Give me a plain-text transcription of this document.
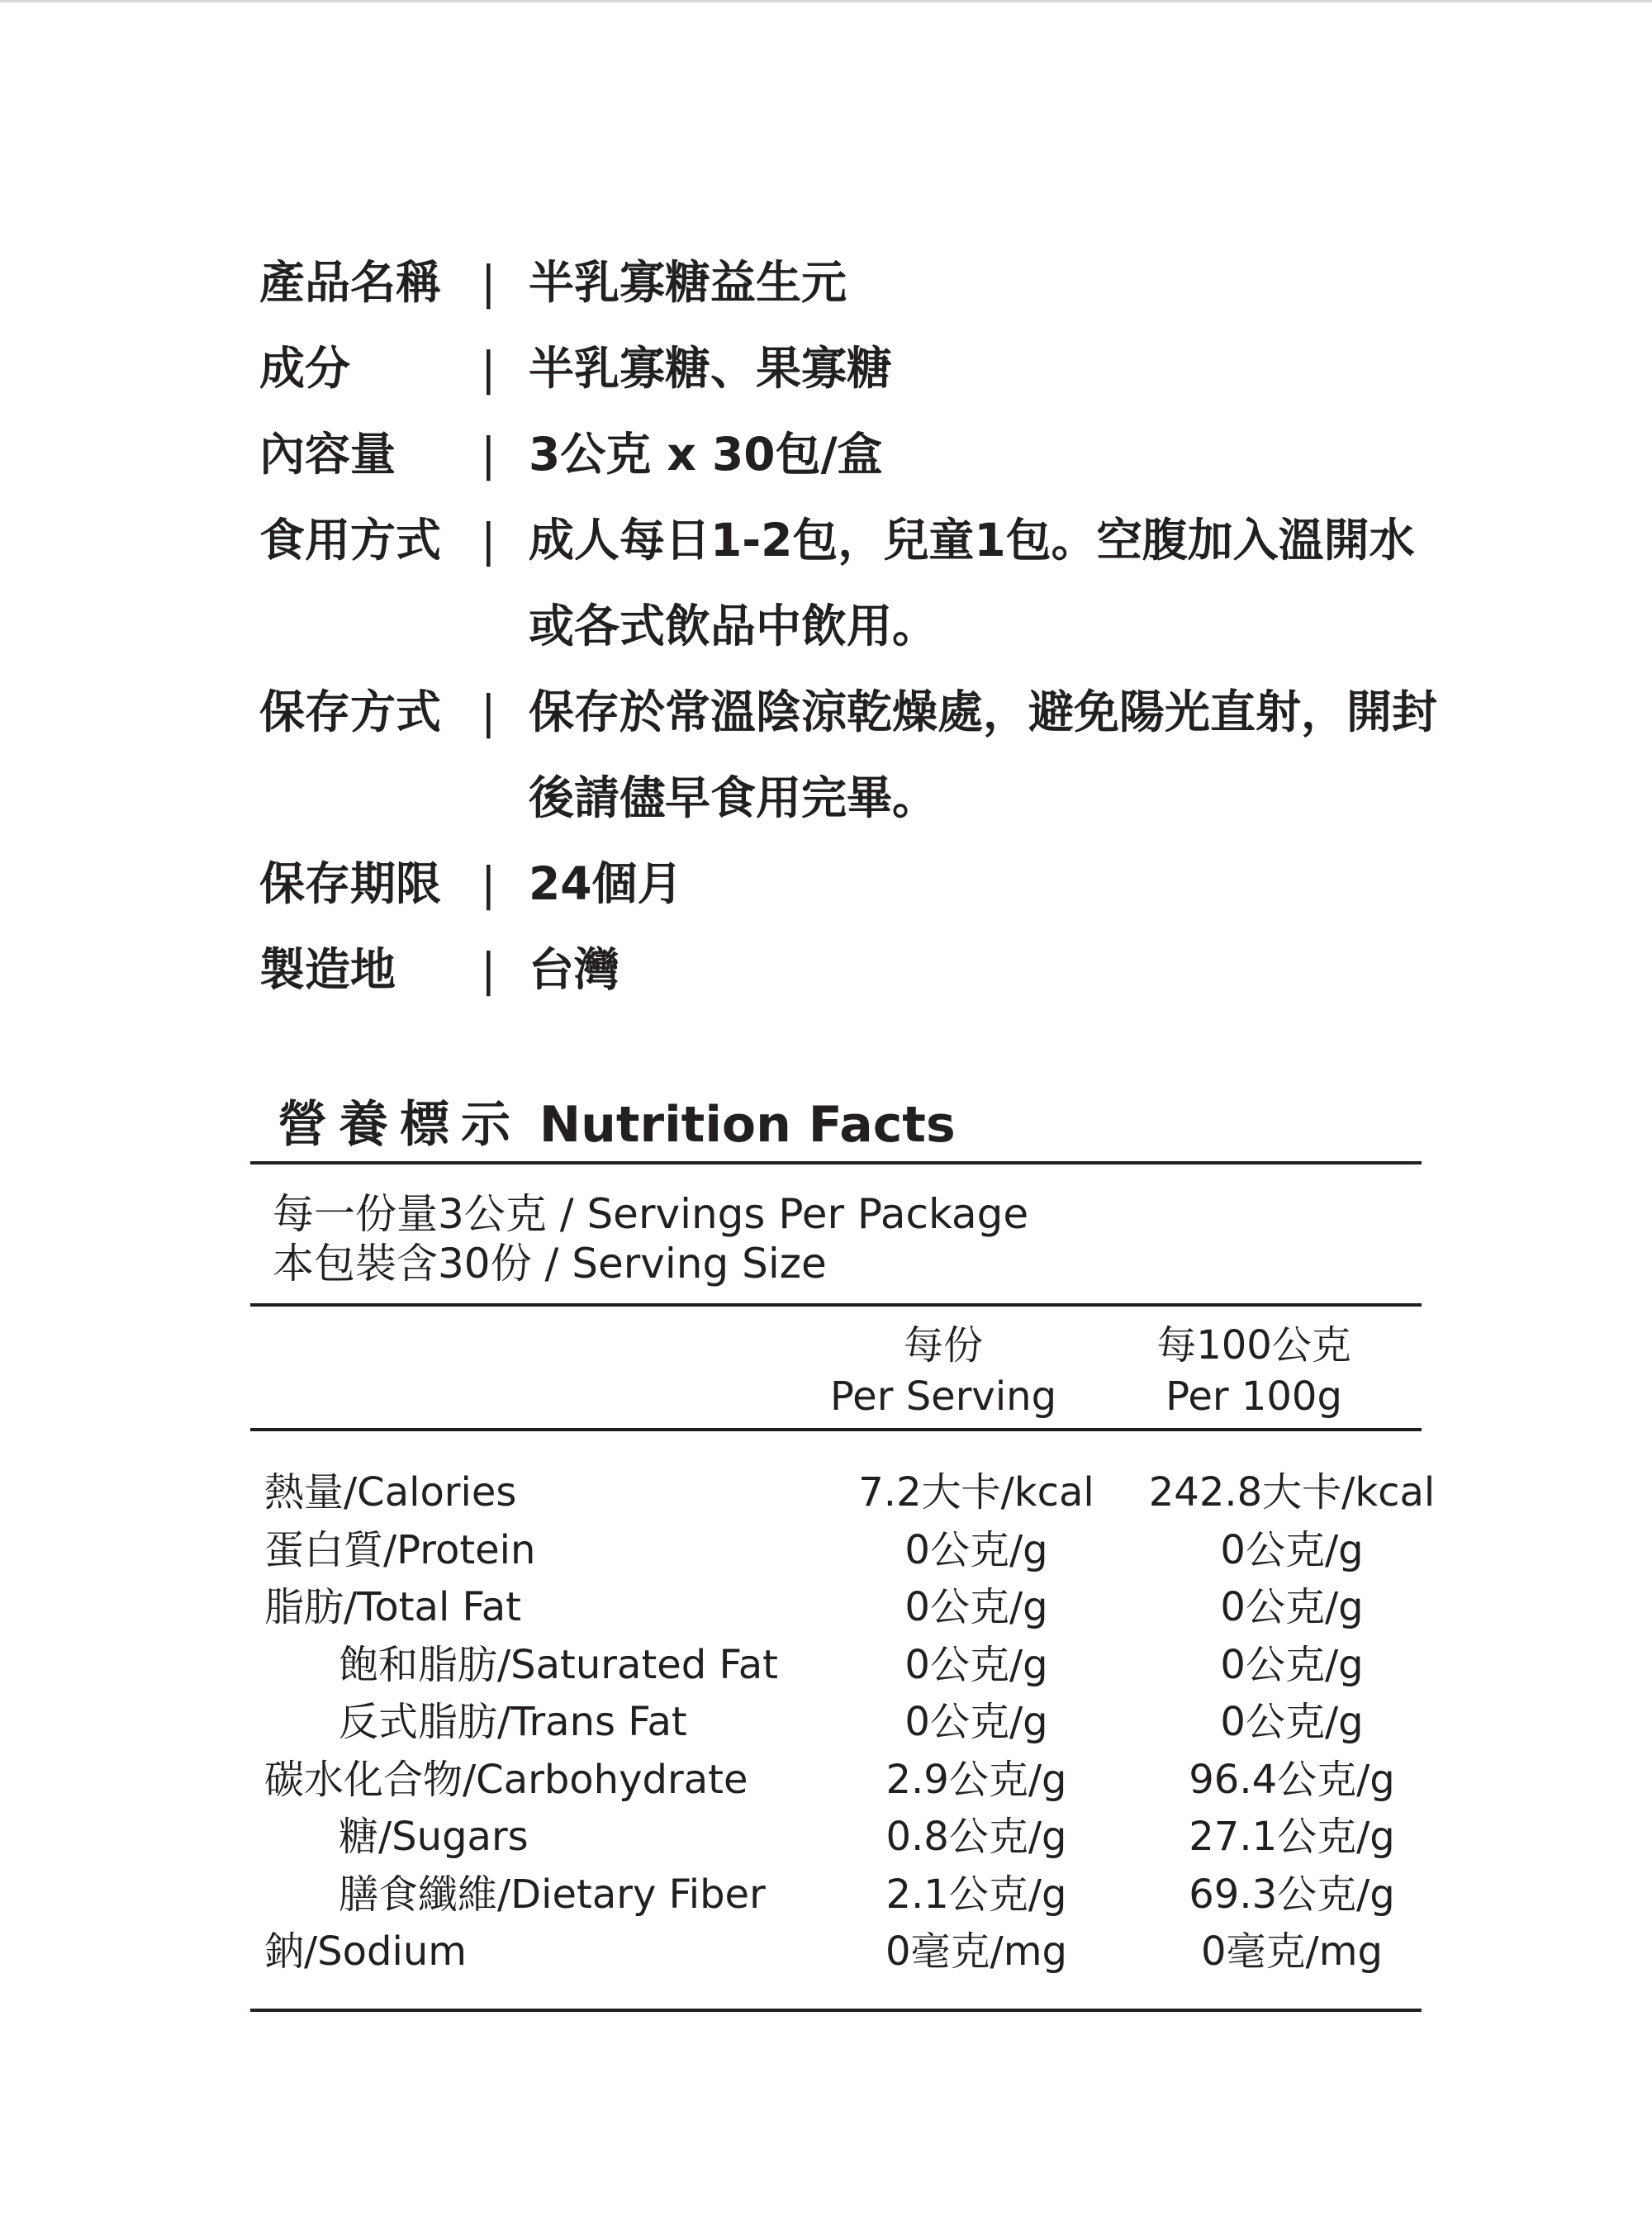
產品名稱 | 半乳寡糖益生元
成分	| 半乳寡糖、果寡糖
內容量 | 3公克 x 30包/盒
食用方式 | 成人每日1-2包，兒童1包。空腹加入溫開水或各式飲品中飲用。
保存方式 | 保存於常溫陰涼乾燥處，避免陽光直射，開封後請儘早食用完畢。
保存期限 | 24個月
製造地 | 台灣
營養標示 Nutrition Facts
每一份量3公克 / Servings Per Package
本包裝含30份 / Serving Size
每份
Per Serving
每100公克
Per 100g
熱量/Calories	7.2大卡/kcal	242.8大卡/kcal
蛋白質/Protein	0公克/g	0公克/g
脂肪/Total Fat	0公克/g	0公克/g
飽和脂肪/Saturated Fat	0公克/g	0公克/g
反式脂肪/Trans Fat	0公克/g	0公克/g
碳水化合物/Carbohydrate	2.9公克/g	96.4公克/g
糖/Sugars	0.8公克/g	27.1公克/g
膳食纖維/Dietary Fiber	2.1公克/g	69.3公克/g
鈉/Sodium	0毫克/mg	0毫克/mg
